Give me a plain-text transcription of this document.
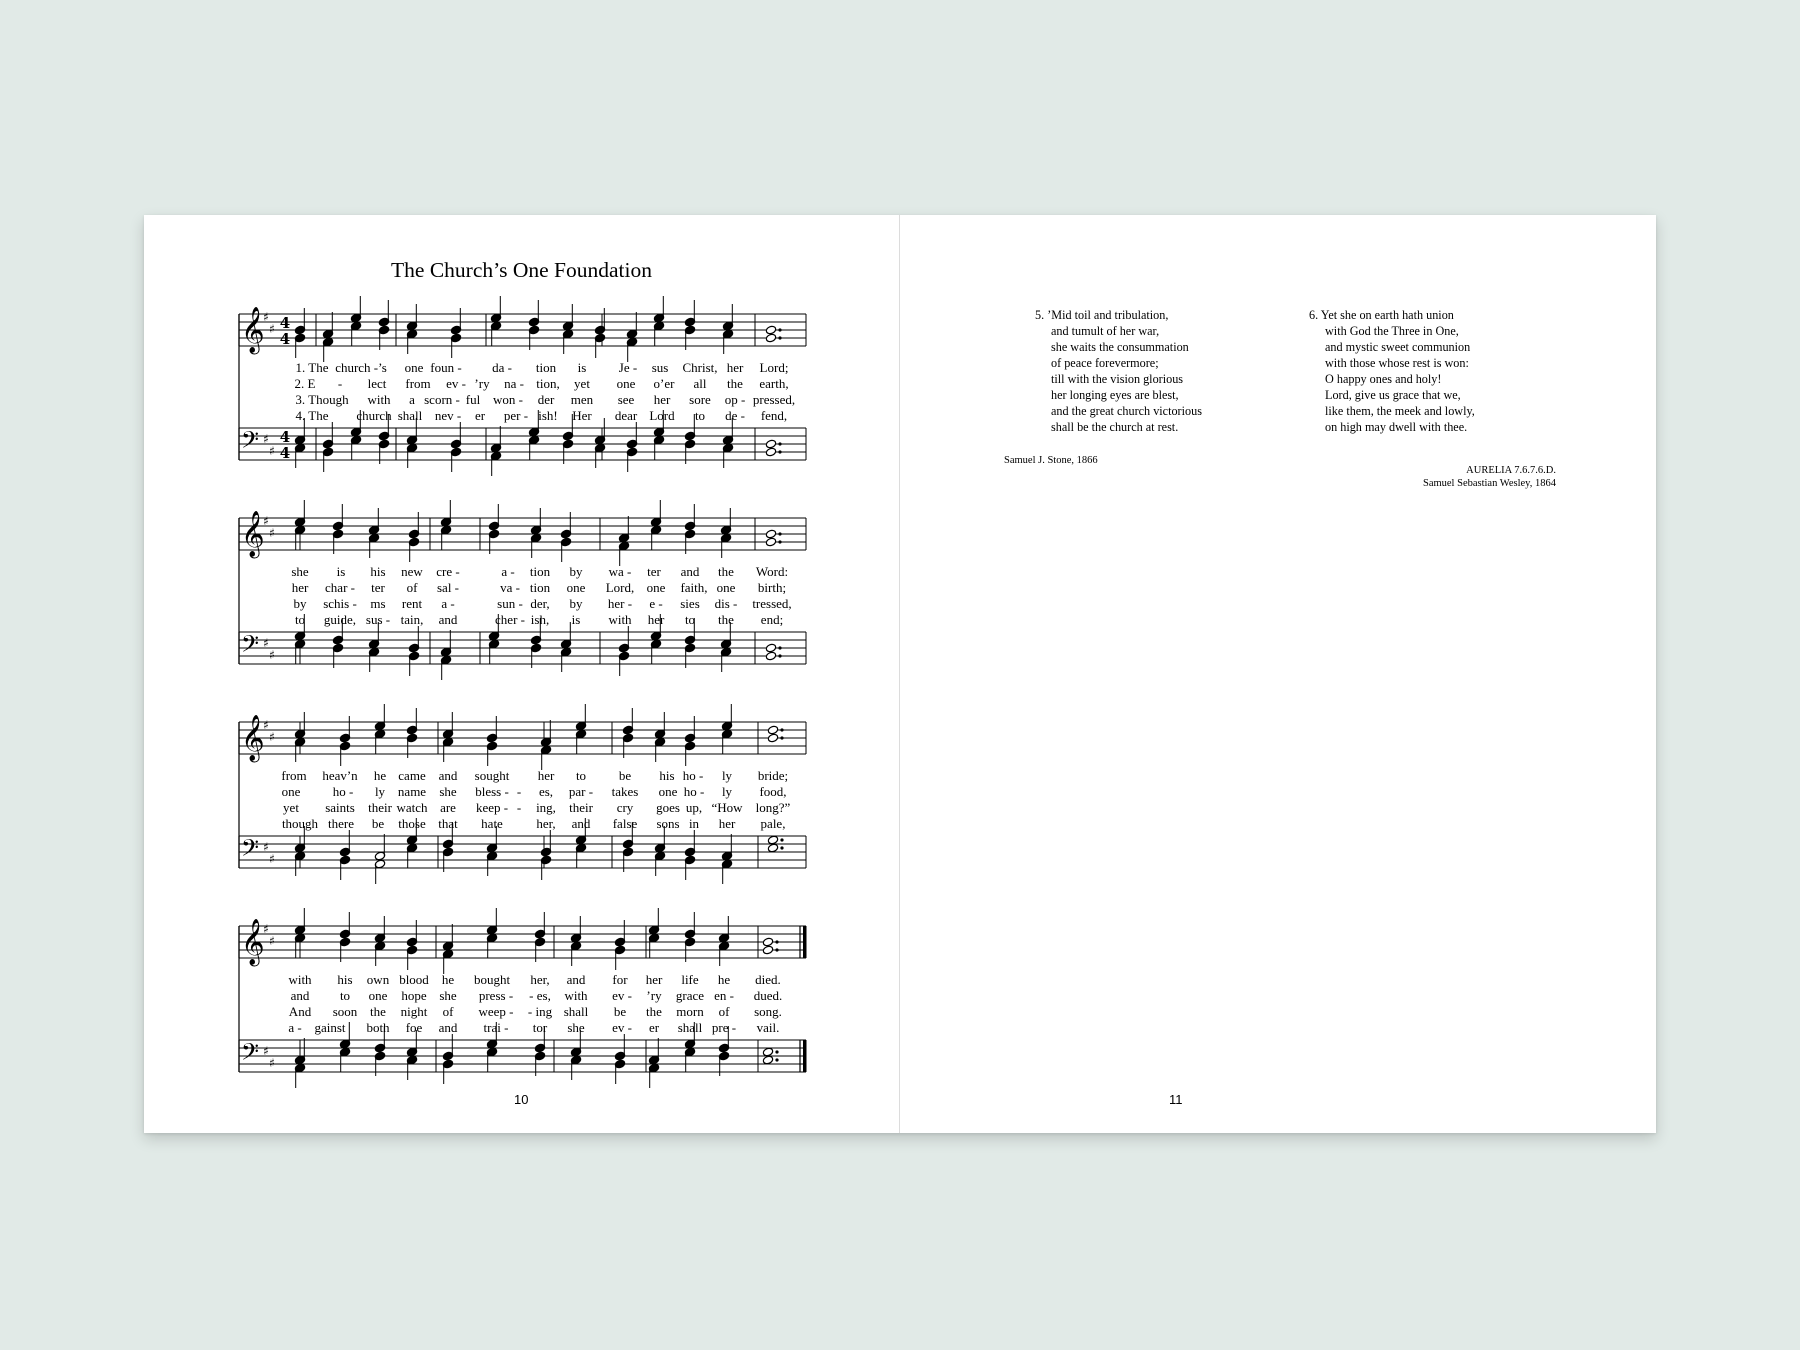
The Church’s One Foundation
𝄞
♯
♯ 4
4
𝄢 ♯
♯
4
4
1. The church -’s one foun - da - tion is Je - sus Christ, her Lord;
2. E - lect from ev - ’ry na - tion, yet one o’er all the earth,
3. Though with a scorn - ful won - der men see her sore op - pressed,
4. The church shall nev - er per - ish! Her dear Lord to de - fend,
𝄞
♯
♯
𝄢 ♯
♯
she is his new cre -	a - tion by wa - ter and the Word:
her char - ter of sal -	va - tion one Lord, one faith, one birth;
by schis - ms rent a -	sun - der, by her - e - sies dis - tressed,
to guide, sus - tain, and	cher - ish, is with her to the end;
𝄞
♯
♯
𝄢 ♯
♯
from heav’n he came and sought her to	be his ho - ly bride;
one ho - ly name she bless - - es, par - takes one ho - ly food,
yet saints their watch are keep - - ing, their cry goes up, “How long?”
though there be those that hate	her, and false sons in her pale,
𝄞
♯
♯
𝄢 ♯
♯
with his own blood he bought her, and for her life he died.
and to one hope she press - - es, with ev - ’ry grace en - dued.
And soon the night of weep - - ing shall be the morn of song.
a - gainst both foe and trai - tor she ev - er shall pre - vail.
10
5. ’Mid toil and tribulation,
and tumult of her war,
she waits the consummation
of peace forevermore;
till with the vision glorious
her longing eyes are blest,
and the great church victorious
shall be the church at rest.
6. Yet she on earth hath union
with God the Three in One,
and mystic sweet communion
with those whose rest is won:
O happy ones and holy!
Lord, give us grace that we,
like them, the meek and lowly,
on high may dwell with thee.
Samuel J. Stone, 1866
AURELIA 7.6.7.6.D.
Samuel Sebastian Wesley, 1864
11
